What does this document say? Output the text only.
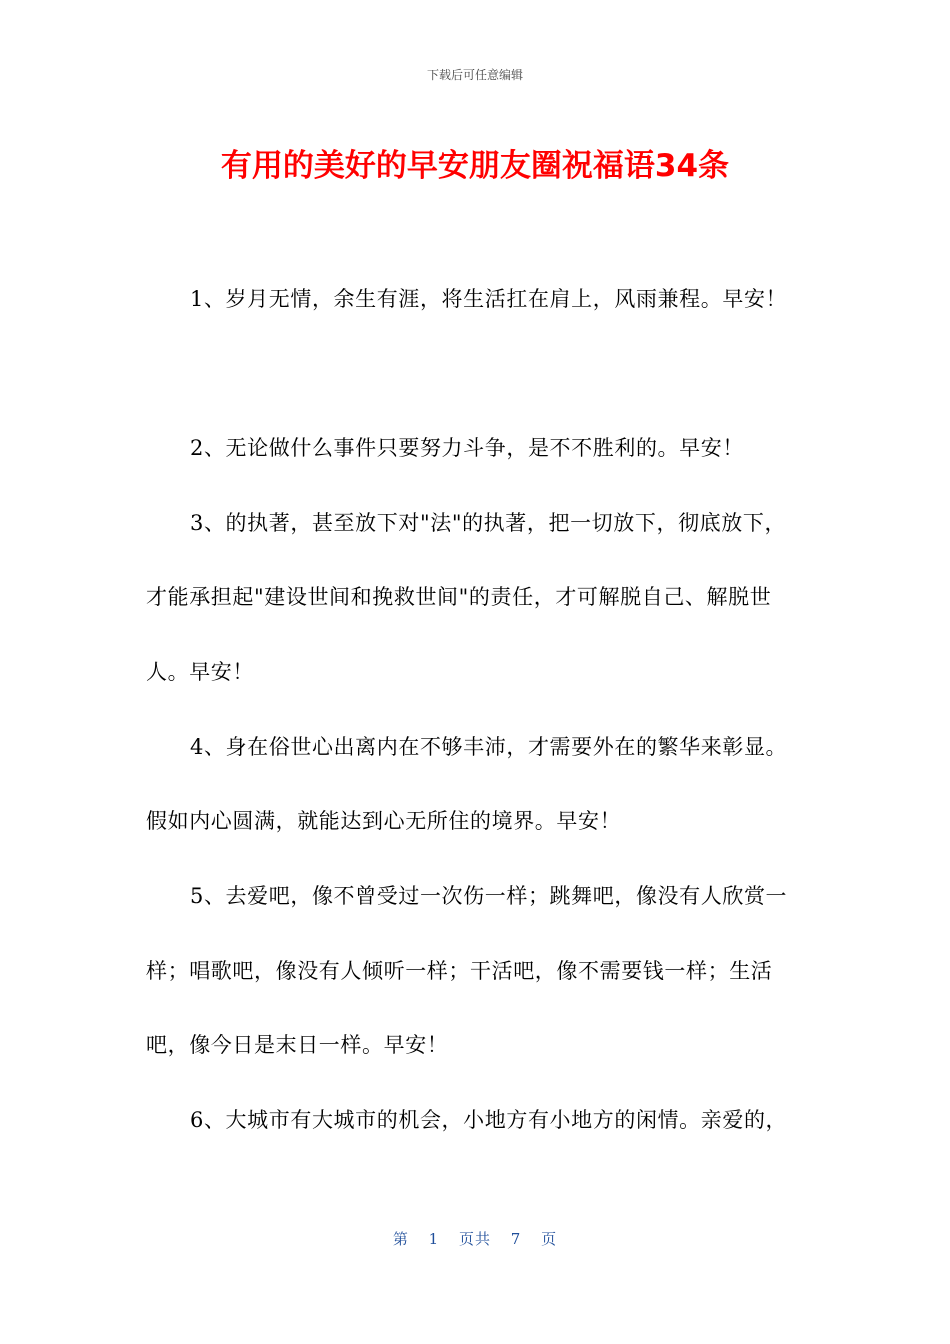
下载后可任意编辑
有用的美好的早安朋友圈祝福语34条
1、岁月无情，余生有涯，将生活扛在肩上，风雨兼程。早安！
2、无论做什么事件只要努力斗争，是不不胜利的。早安！
3、的执著，甚至放下对"法"的执著，把一切放下，彻底放下，
才能承担起"建设世间和挽救世间"的责任，才可解脱自己、解脱世
人。早安！
4、身在俗世心出离内在不够丰沛，才需要外在的繁华来彰显。
假如内心圆满，就能达到心无所住的境界。早安！
5、去爱吧，像不曾受过一次伤一样；跳舞吧，像没有人欣赏一
样；唱歌吧，像没有人倾听一样；干活吧，像不需要钱一样；生活
吧，像今日是末日一样。早安！
6、大城市有大城市的机会，小地方有小地方的闲情。亲爱的，
第 1 页共 7 页
